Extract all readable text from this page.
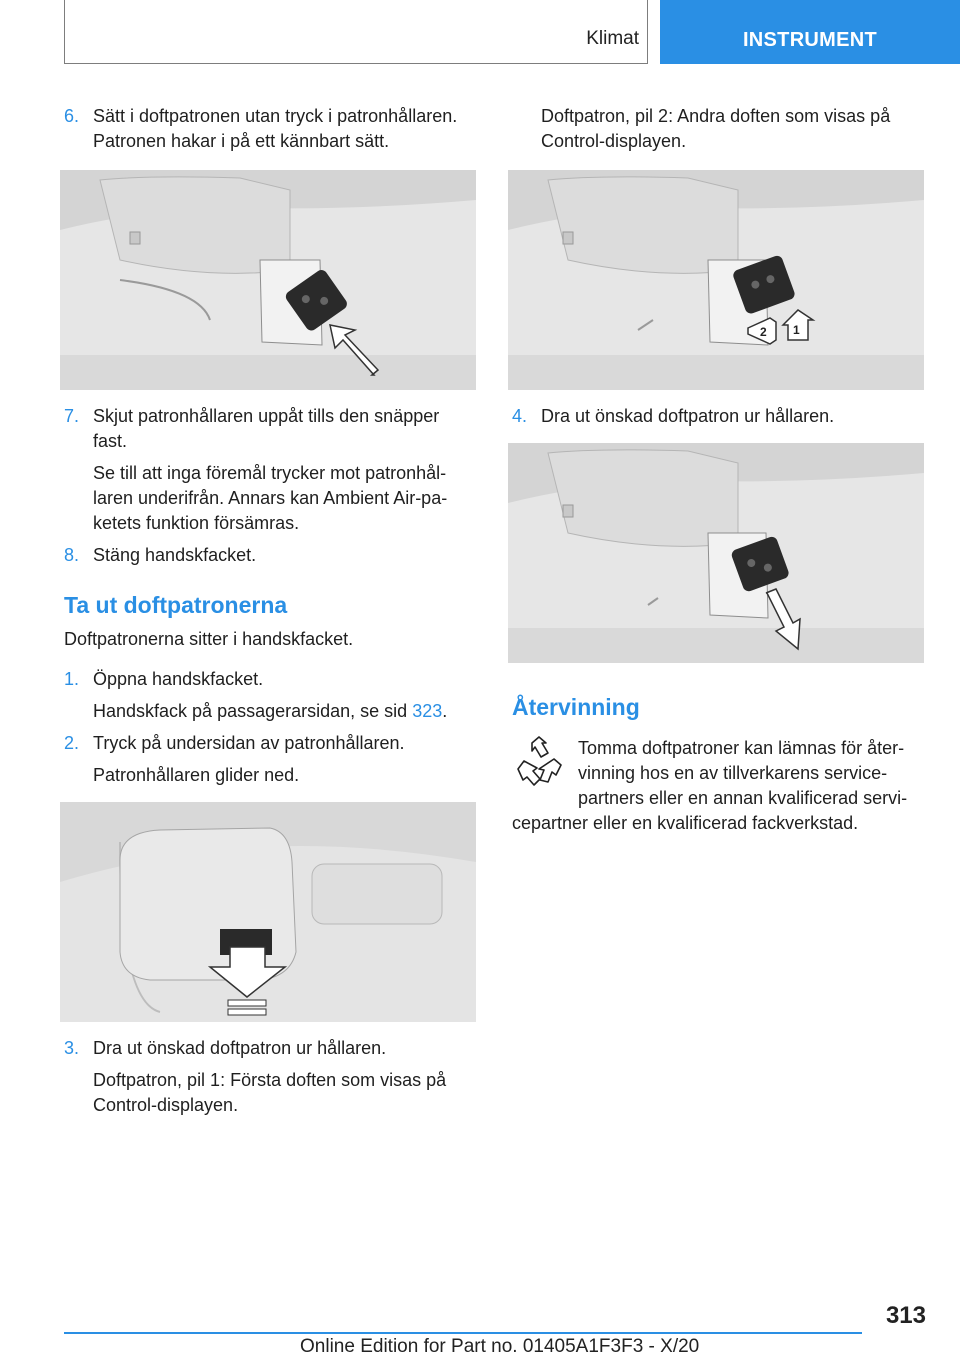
Klimat	INSTRUMENT
6. Sätt i doftpatronen utan tryck i patronhållaren.
Patronen hakar i på ett kännbart sätt.
7. Skjut patronhållaren uppåt tills den snäpper
fast.
Se till att inga föremål trycker mot patronhål-
laren underifrån. Annars kan Ambient Air-pa-
ketets funktion försämras.
8. Stäng handskfacket.
Ta ut doftpatronerna
Doftpatronerna sitter i handskfacket.
1. Öppna handskfacket.
Handskfack på passagerarsidan, se sid 323.
2. Tryck på undersidan av patronhållaren.
Patronhållaren glider ned.
3. Dra ut önskad doftpatron ur hållaren.
Doftpatron, pil 1: Första doften som visas på
Control-displayen.
Doftpatron, pil 2: Andra doften som visas på
Control-displayen.
2 1
4. Dra ut önskad doftpatron ur hållaren.
Återvinning
Tomma doftpatroner kan lämnas för åter-
vinning hos en av tillverkarens service-
partners eller en annan kvalificerad servi-
cepartner eller en kvalificerad fackverkstad.
313
Online Edition for Part no. 01405A1F3F3 - X/20
